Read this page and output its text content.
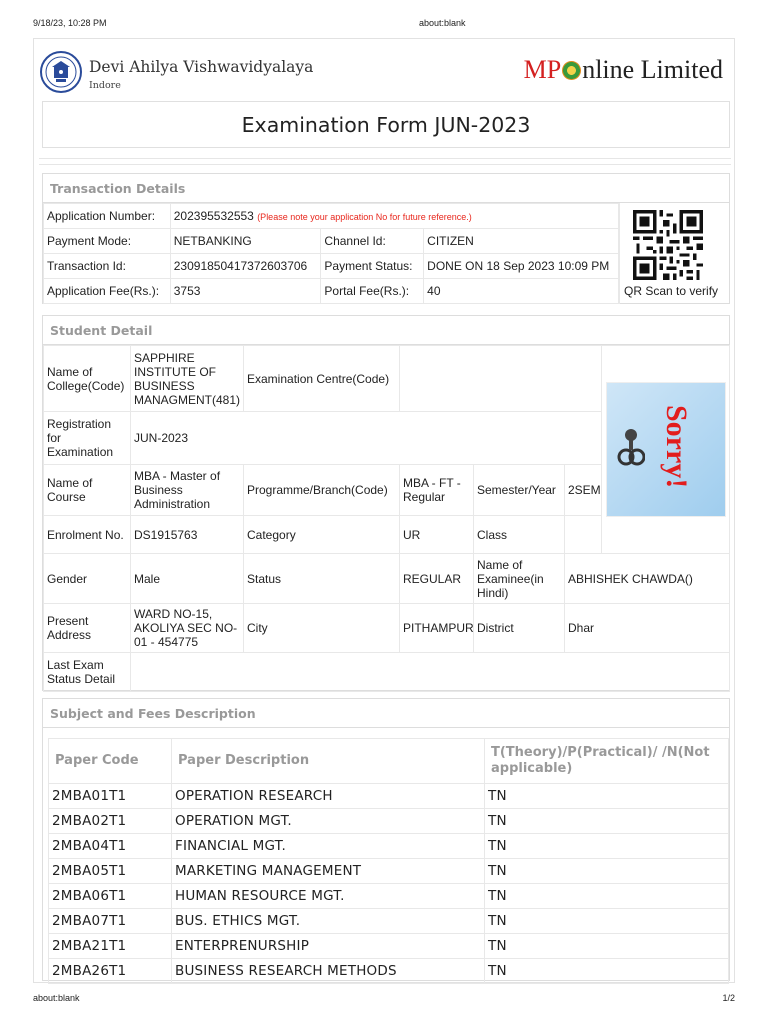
9/18/23, 10:28 PM	about:blank
Devi Ahilya Vishwavidyalaya
Indore
MP nline Limited
Examination Form JUN-2023
Transaction Details
Application Number:	202395532553 (Please note your application No for future reference.)		
Payment Mode:	NETBANKING	Channel Id:	CITIZEN
Transaction Id:	23091850417372603706	Payment Status:	DONE ON 18 Sep 2023 10:09 PM
Application Fee(Rs.):	3753	Portal Fee(Rs.):	40	QR Scan to verify
Student Detail
Name of College(Code)	SAPPHIRE INSTITUTE OF BUSINESS MANAGMENT(481)	Examination Centre(Code)				Sorry!

Registration for Examination	JUN-2023					
Name of Course	MBA - Master of Business Administration	Programme/Branch(Code)	MBA - FT - Regular	Semester/Year	2SEM	
Enrolment No.	DS1915763	Category	UR	Class		
Gender	Male	Status	REGULAR	Name of Examinee(in Hindi)	ABHISHEK CHAWDA()	
Present Address	WARD NO-15, AKOLIYA SEC NO-01 - 454775	City	PITHAMPUR	District	Dhar	
Last Exam Status Detail						
Subject and Fees Description
Paper Code	Paper Description	T(Theory)/P(Practical)/ /N(Not applicable)
2MBA01T1	OPERATION RESEARCH	TN
2MBA02T1	OPERATION MGT.	TN
2MBA04T1	FINANCIAL MGT.	TN
2MBA05T1	MARKETING MANAGEMENT	TN
2MBA06T1	HUMAN RESOURCE MGT.	TN
2MBA07T1	BUS. ETHICS MGT.	TN
2MBA21T1	ENTERPRENURSHIP	TN
2MBA26T1	BUSINESS RESEARCH METHODS	TN
about:blank	1/2
